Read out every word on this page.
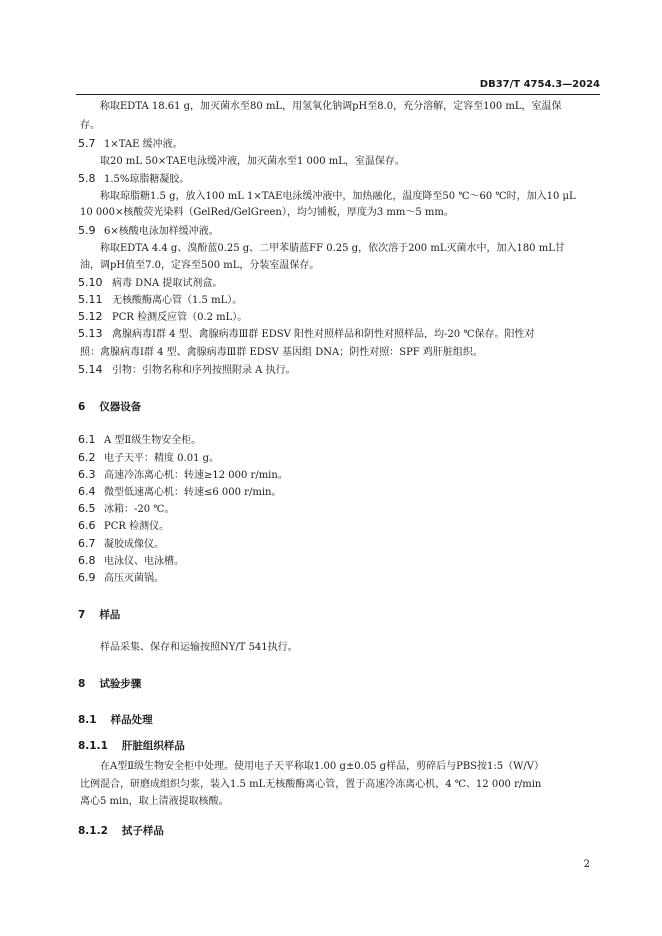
DB37/T 4754.3—2024
称取EDTA 18.61 g，加灭菌水至80 mL，用氢氧化钠调pH至8.0，充分溶解，定容至100 mL，室温保
存。
5.7 1×TAE 缓冲液。
取20 mL 50×TAE电泳缓冲液，加灭菌水至1 000 mL，室温保存。
5.8 1.5%琼脂糖凝胶。
称取琼脂糖1.5 g，放入100 mL 1×TAE电泳缓冲液中，加热融化，温度降至50 ℃～60 ℃时，加入10 μL
10 000×核酸荧光染料（GelRed/GelGreen），均匀铺板，厚度为3 mm～5 mm。
5.9 6×核酸电泳加样缓冲液。
称取EDTA 4.4 g、溴酚蓝0.25 g、二甲苯腈蓝FF 0.25 g，依次溶于200 mL灭菌水中，加入180 mL甘
油，调pH值至7.0，定容至500 mL，分装室温保存。
5.10 病毒 DNA 提取试剂盒。
5.11 无核酸酶离心管（1.5 mL）。
5.12 PCR 检测反应管（0.2 mL）。
5.13 禽腺病毒Ⅰ群 4 型、禽腺病毒Ⅲ群 EDSV 阳性对照样品和阴性对照样品，均-20 ℃保存。阳性对
照：禽腺病毒Ⅰ群 4 型、禽腺病毒Ⅲ群 EDSV 基因组 DNA；阴性对照：SPF 鸡肝脏组织。
5.14 引物：引物名称和序列按照附录 A 执行。
6 仪器设备
6.1 A 型Ⅱ级生物安全柜。
6.2 电子天平：精度 0.01 g。
6.3 高速冷冻离心机：转速≥12 000 r/min。
6.4 微型低速离心机：转速≤6 000 r/min。
6.5 冰箱：-20 ℃。
6.6 PCR 检测仪。
6.7 凝胶成像仪。
6.8 电泳仪、电泳槽。
6.9 高压灭菌锅。
7 样品
样品采集、保存和运输按照NY/T 541执行。
8 试验步骤
8.1 样品处理
8.1.1 肝脏组织样品
在A型Ⅱ级生物安全柜中处理。使用电子天平称取1.00 g±0.05 g样品，剪碎后与PBS按1:5（W/V）
比例混合，研磨成组织匀浆，装入1.5 mL无核酸酶离心管，置于高速冷冻离心机，4 ℃、12 000 r/min
离心5 min，取上清液提取核酸。
8.1.2 拭子样品
2
